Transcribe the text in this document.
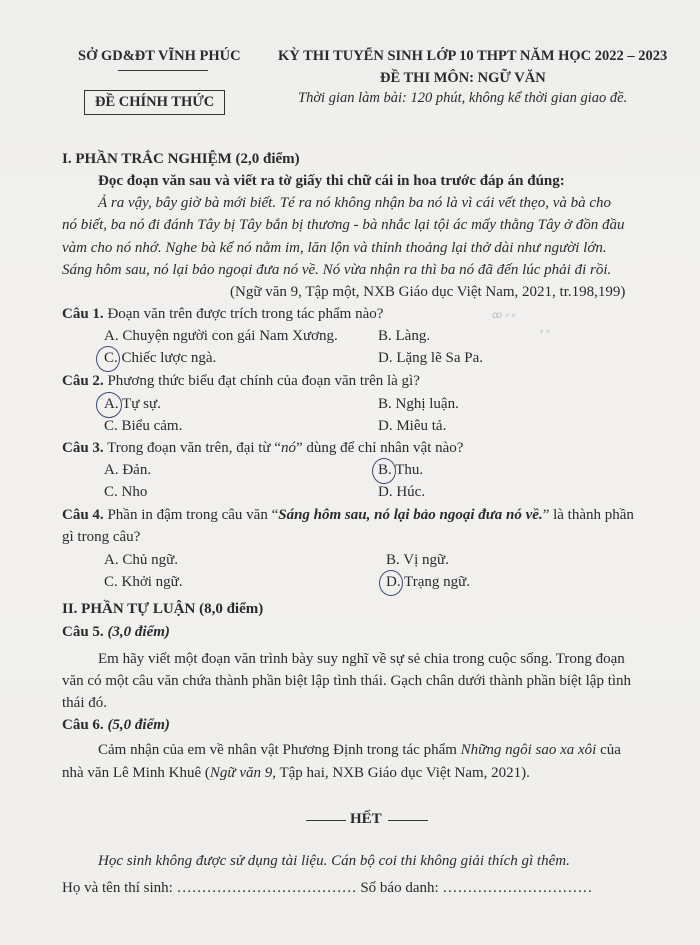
SỞ GD&ĐT VĨNH PHÚC
ĐỀ CHÍNH THỨC
KỲ THI TUYỂN SINH LỚP 10 THPT NĂM HỌC 2022 – 2023
ĐỀ THI MÔN: NGỮ VĂN
Thời gian làm bài: 120 phút, không kể thời gian giao đề.
I. PHẦN TRẮC NGHIỆM (2,0 điểm)
Đọc đoạn văn sau và viết ra tờ giấy thi chữ cái in hoa trước đáp án đúng:
Ả ra vậy, bây giờ bà mới biết. Té ra nó không nhận ba nó là vì cái vết thẹo, và bà cho
nó biết, ba nó đi đánh Tây bị Tây bắn bị thương - bà nhắc lại tội ác mấy thằng Tây ở đồn đầu
vàm cho nó nhớ. Nghe bà kể nó nằm im, lăn lộn và thỉnh thoảng lại thở dài như người lớn.
Sáng hôm sau, nó lại bảo ngoại đưa nó về. Nó vừa nhận ra thì ba nó đã đến lúc phải đi rồi.
(Ngữ văn 9, Tập một, NXB Giáo dục Việt Nam, 2021, tr.198,199)
Câu 1. Đoạn văn trên được trích trong tác phẩm nào?
A. Chuyện người con gái Nam Xương.	B. Làng.
C. Chiếc lược ngà.	D. Lặng lẽ Sa Pa.
ꝏ ⸗ ⸗
⸗ ⸗
Câu 2. Phương thức biểu đạt chính của đoạn văn trên là gì?
A. Tự sự.	B. Nghị luận.
C. Biểu cảm.	D. Miêu tả.
Câu 3. Trong đoạn văn trên, đại từ “nó” dùng để chỉ nhân vật nào?
A. Đản.	B. Thu.
C. Nho	D. Húc.
Câu 4. Phần in đậm trong câu văn “Sáng hôm sau, nó lại bảo ngoại đưa nó về.” là thành phần
gì trong câu?
A. Chủ ngữ.	B. Vị ngữ.
C. Khởi ngữ.	D. Trạng ngữ.
II. PHẦN TỰ LUẬN (8,0 điểm)
Câu 5. (3,0 điểm)
Em hãy viết một đoạn văn trình bày suy nghĩ về sự sẻ chia trong cuộc sống. Trong đoạn
văn có một câu văn chứa thành phần biệt lập tình thái. Gạch chân dưới thành phần biệt lập tình
thái đó.
Câu 6. (5,0 điểm)
Cảm nhận của em về nhân vật Phương Định trong tác phẩm Những ngôi sao xa xôi của
nhà văn Lê Minh Khuê (Ngữ văn 9, Tập hai, NXB Giáo dục Việt Nam, 2021).
HẾT
Học sinh không được sử dụng tài liệu. Cán bộ coi thi không giải thích gì thêm.
Họ và tên thí sinh: ……………………………… Số báo danh: …………………………
